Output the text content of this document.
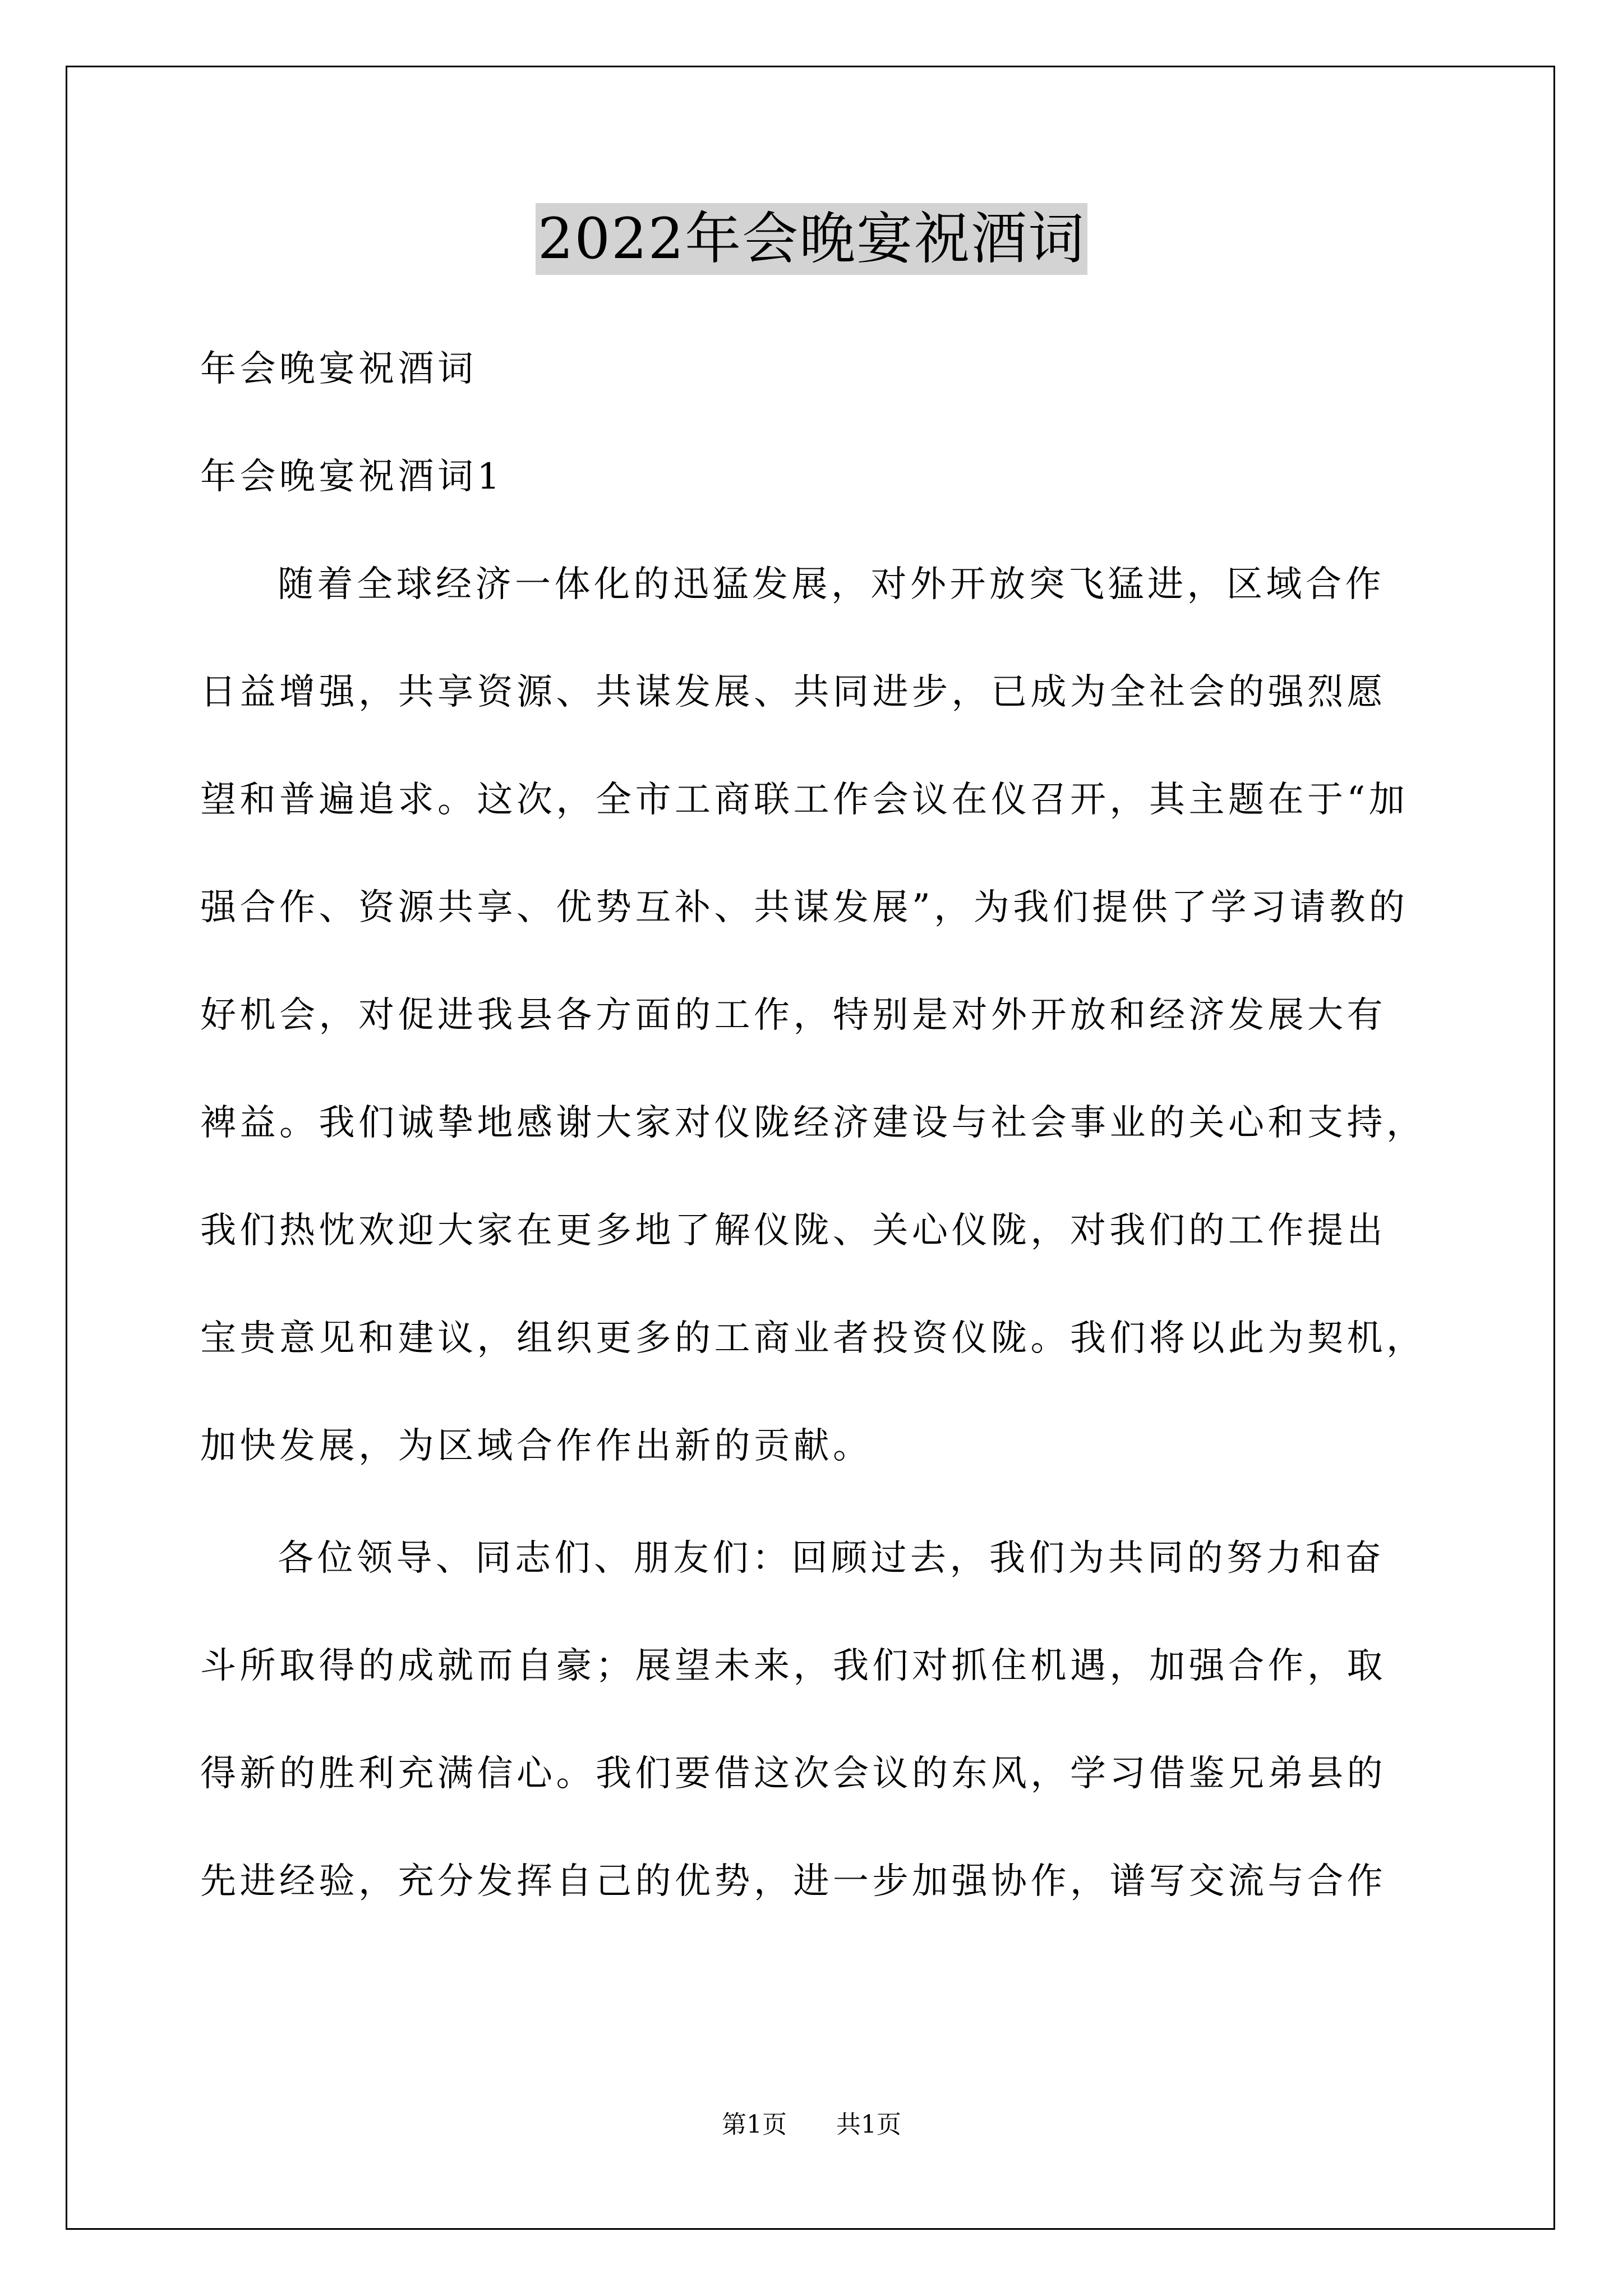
2022年会晚宴祝酒词
年会晚宴祝酒词
年会晚宴祝酒词1
随着全球经济一体化的迅猛发展，对外开放突飞猛进，区域合作
日益增强，共享资源、共谋发展、共同进步，已成为全社会的强烈愿
望和普遍追求。这次，全市工商联工作会议在仪召开，其主题在于“加
强合作、资源共享、优势互补、共谋发展”，为我们提供了学习请教的
好机会，对促进我县各方面的工作，特别是对外开放和经济发展大有
裨益。我们诚挚地感谢大家对仪陇经济建设与社会事业的关心和支持，
我们热忱欢迎大家在更多地了解仪陇、关心仪陇，对我们的工作提出
宝贵意见和建议，组织更多的工商业者投资仪陇。我们将以此为契机，
加快发展，为区域合作作出新的贡献。
各位领导、同志们、朋友们：回顾过去，我们为共同的努力和奋
斗所取得的成就而自豪；展望未来，我们对抓住机遇，加强合作，取
得新的胜利充满信心。我们要借这次会议的东风，学习借鉴兄弟县的
先进经验，充分发挥自己的优势，进一步加强协作，谱写交流与合作
第1页 共1页
